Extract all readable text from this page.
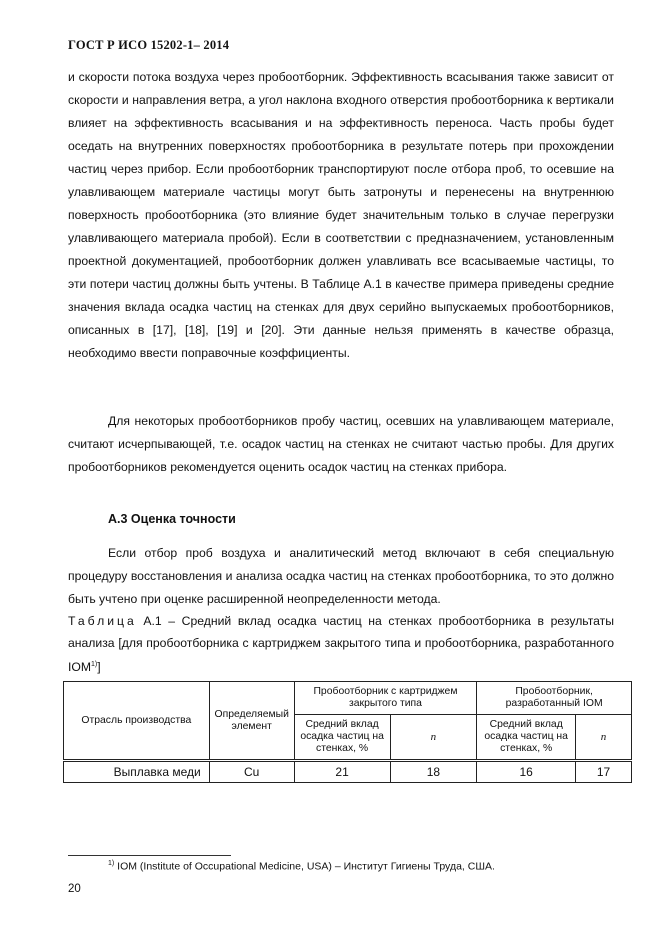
ГОСТ Р ИСО 15202-1– 2014
и скорости потока воздуха через пробоотборник. Эффективность всасывания также зависит от скорости и направления ветра, а угол наклона входного отверстия пробоотборника к вертикали влияет на эффективность всасывания и на эффективность переноса. Часть пробы будет оседать на внутренних поверхностях пробоотборника в результате потерь при прохождении частиц через прибор. Если пробоотборник транспортируют после отбора проб, то осевшие на улавливающем материале частицы могут быть затронуты и перенесены на внутреннюю поверхность пробоотборника (это влияние будет значительным только в случае перегрузки улавливающего материала пробой). Если в соответствии с предназначением, установленным проектной документацией, пробоотборник должен улавливать все всасываемые частицы, то эти потери частиц должны быть учтены. В Таблице А.1 в качестве примера приведены средние значения вклада осадка частиц на стенках для двух серийно выпускаемых пробоотборников, описанных в [17], [18], [19] и [20]. Эти данные нельзя применять в качестве образца, необходимо ввести поправочные коэффициенты.
Для некоторых пробоотборников пробу частиц, осевших на улавливающем материале, считают исчерпывающей, т.е. осадок частиц на стенках не считают частью пробы. Для других пробоотборников рекомендуется оценить осадок частиц на стенках прибора.
А.3 Оценка точности
Если отбор проб воздуха и аналитический метод включают в себя специальную процедуру восстановления и анализа осадка частиц на стенках пробоотборника, то это должно быть учтено при оценке расширенной неопределенности метода.
Таблица А.1 – Средний вклад осадка частиц на стенках пробоотборника в результаты анализа [для пробоотборника с картриджем закрытого типа и пробоотборника, разработанного IOM$^{1)}$]
Отрасль производства	Определяемый элемент	Пробоотборник с картриджем закрытого типа		Пробоотборник, разработанный IOM	
		Средний вклад осадка частиц на стенках, %	n	Средний вклад осадка частиц на стенках, %	n
Выплавка меди	Cu	21	18	16	17
$^{1)}$ IOM (Institute of Occupational Medicine, USA) – Институт Гигиены Труда, США.
20
